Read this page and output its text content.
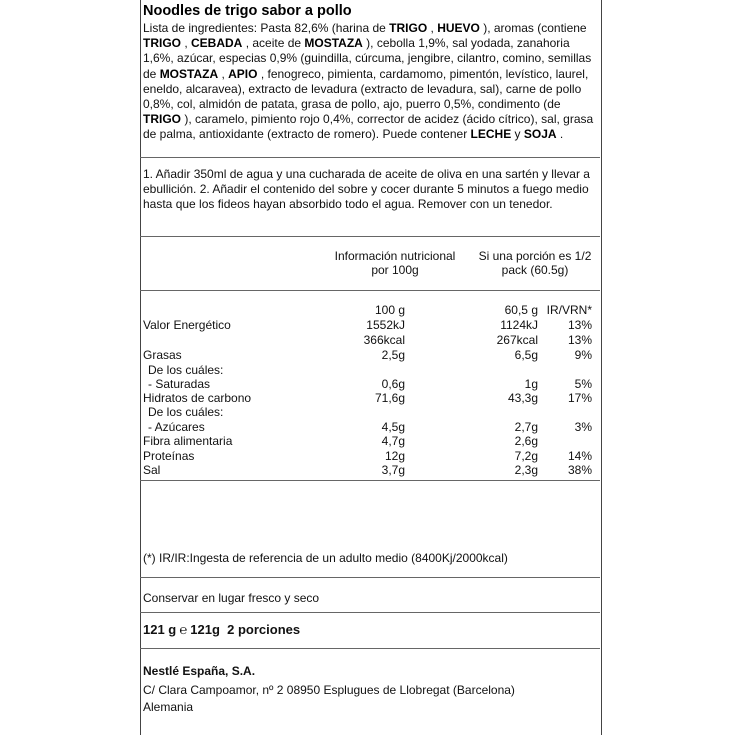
Noodles de trigo sabor a pollo
Lista de ingredientes: Pasta 82,6% (harina de TRIGO , HUEVO ), aromas (contiene TRIGO , CEBADA , aceite de MOSTAZA ), cebolla 1,9%, sal yodada, zanahoria 1,6%, azúcar, especias 0,9% (guindilla, cúrcuma, jengibre, cilantro, comino, semillas de MOSTAZA , APIO , fenogreco, pimienta, cardamomo, pimentón, levístico, laurel, eneldo, alcaravea), extracto de levadura (extracto de levadura, sal), carne de pollo 0,8%, col, almidón de patata, grasa de pollo, ajo, puerro 0,5%, condimento (de TRIGO ), caramelo, pimiento rojo 0,4%, corrector de acidez (ácido cítrico), sal, grasa de palma, antioxidante (extracto de romero). Puede contener LECHE y SOJA .
1. Añadir 350ml de agua y una cucharada de aceite de oliva en una sartén y llevar a ebullición. 2. Añadir el contenido del sobre y cocer durante 5 minutos a fuego medio hasta que los fideos hayan absorbido todo el agua. Remover con un tenedor.
Información nutricional
por 100g
Si una porción es 1/2
pack (60.5g)
100 g	60,5 g IR/VRN*
Valor Energético	1552kJ	1124kJ 13%
366kcal	267kcal 13%
Grasas	2,5g	6,5g	9%
De los cuáles:
- Saturadas	0,6g	1g	5%
Hidratos de carbono	71,6g	43,3g 17%
De los cuáles:
- Azúcares	4,5g	2,7g	3%
Fibra alimentaria	4,7g	2,6g
Proteínas	12g	7,2g 14%
Sal	3,7g	2,3g 38%
(*) IR/IR:Ingesta de referencia de un adulto medio (8400Kj/2000kcal)
Conservar en lugar fresco y seco
121 g ℮ 121g 2 porciones
Nestlé España, S.A.
C/ Clara Campoamor, nº 2 08950 Esplugues de Llobregat (Barcelona)
Alemania
